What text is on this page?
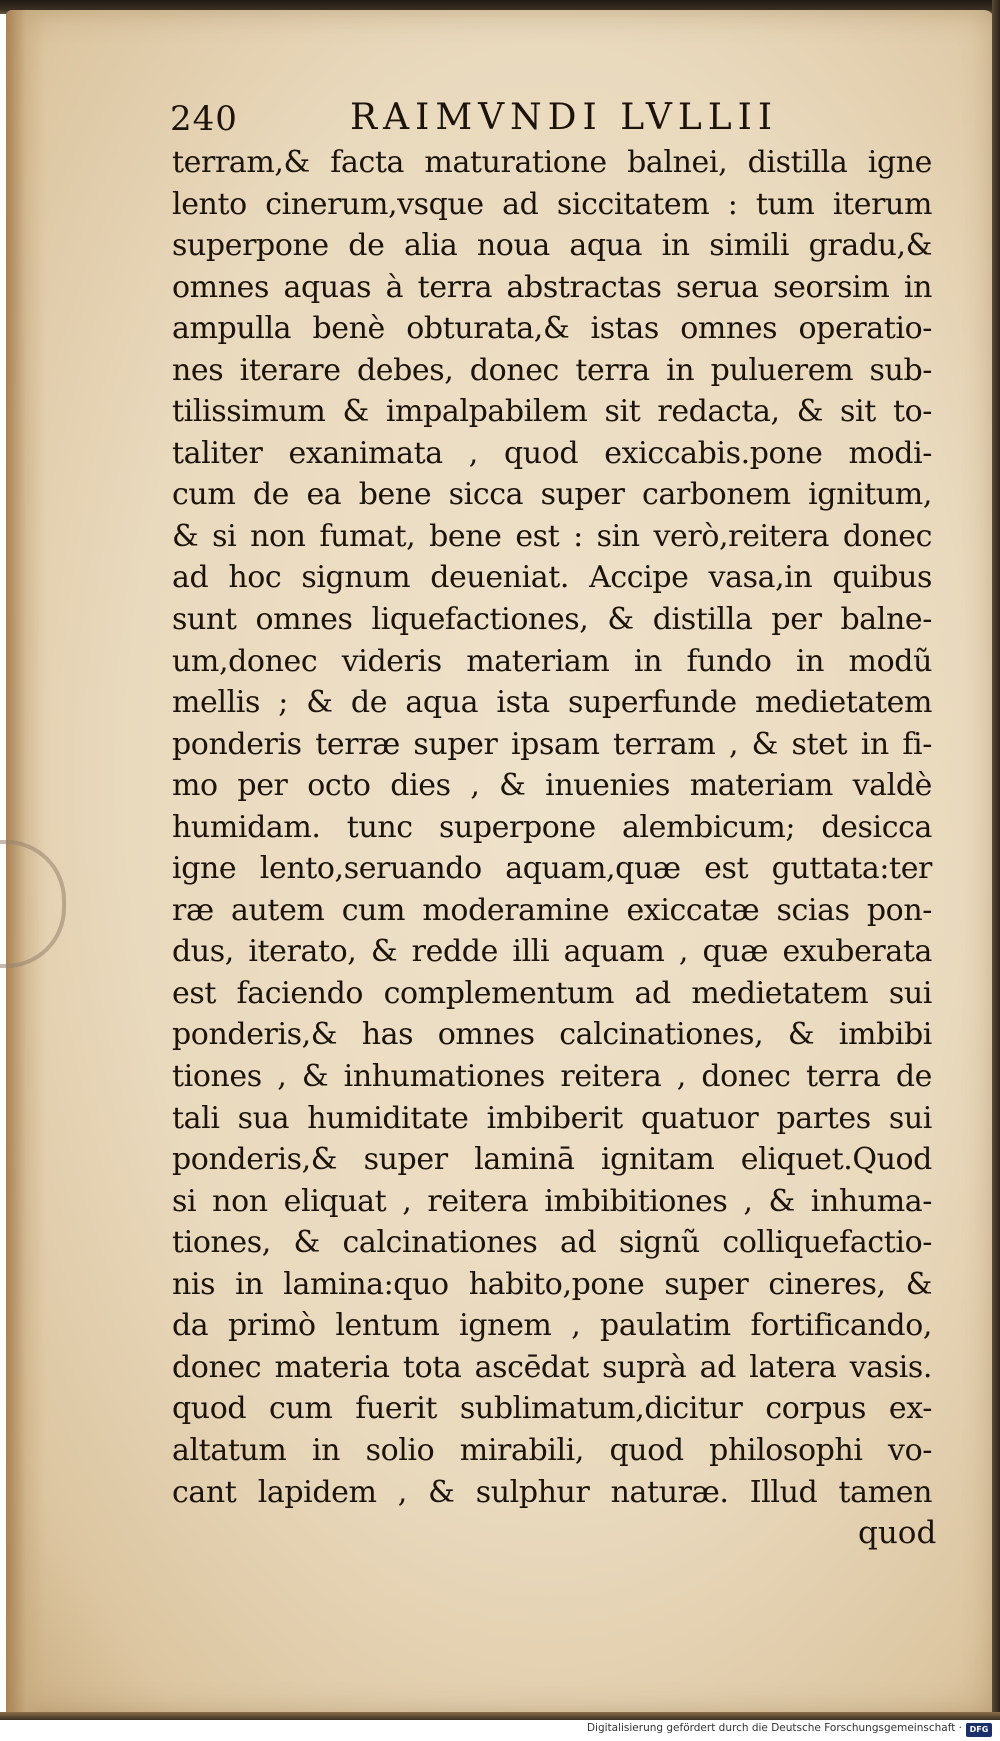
240	RAIMVNDI LVLLII
terram,& facta maturatione balnei, distilla igne
lento cinerum,vsque ad siccitatem : tum iterum
superpone de alia noua aqua in simili gradu,&
omnes aquas à terra abstractas serua seorsim in
ampulla benè obturata,& istas omnes operatio-
nes iterare debes, donec terra in puluerem sub-
tilissimum & impalpabilem sit redacta, & sit to-
taliter exanimata , quod exiccabis.pone modi-
cum de ea bene sicca super carbonem ignitum,
& si non fumat, bene est : sin verò,reitera donec
ad hoc signum deueniat. Accipe vasa,in quibus
sunt omnes liquefactiones, & distilla per balne-
um,donec videris materiam in fundo in modũ
mellis ; & de aqua ista superfunde medietatem
ponderis terræ super ipsam terram , & stet in fi-
mo per octo dies , & inuenies materiam valdè
humidam. tunc superpone alembicum; desicca
igne lento,seruando aquam,quæ est guttata:ter
ræ autem cum moderamine exiccatæ scias pon-
dus, iterato, & redde illi aquam , quæ exuberata
est faciendo complementum ad medietatem sui
ponderis,& has omnes calcinationes, & imbibi
tiones , & inhumationes reitera , donec terra de
tali sua humiditate imbiberit quatuor partes sui
ponderis,& super laminā ignitam eliquet.Quod
si non eliquat , reitera imbibitiones , & inhuma-
tiones, & calcinationes ad signũ colliquefactio-
nis in lamina:quo habito,pone super cineres, &
da primò lentum ignem , paulatim fortificando,
donec materia tota ascēdat suprà ad latera vasis.
quod cum fuerit sublimatum,dicitur corpus ex-
altatum in solio mirabili, quod philosophi vo-
cant lapidem , & sulphur naturæ. Illud tamen
quod
Digitalisierung gefördert durch die Deutsche Forschungsgemeinschaft · DFG
